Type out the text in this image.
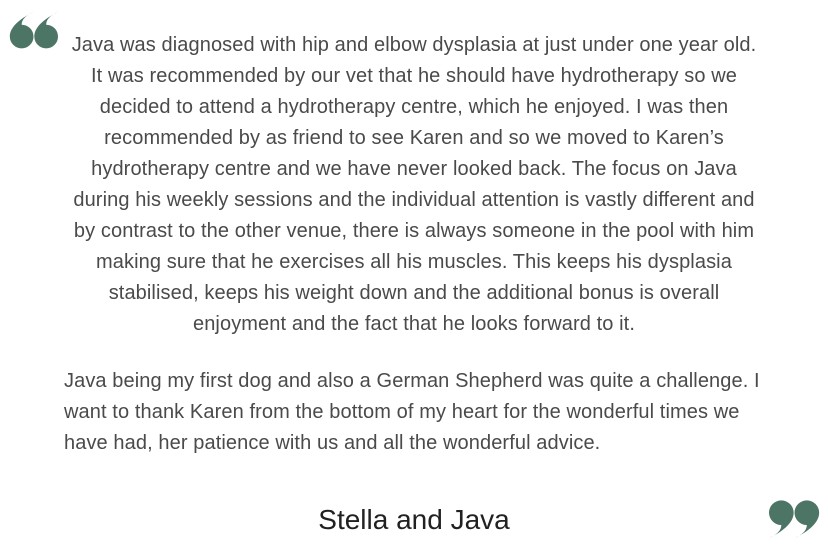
Java was diagnosed with hip and elbow dysplasia at just under one year old. It was recommended by our vet that he should have hydrotherapy so we decided to attend a hydrotherapy centre, which he enjoyed. I was then recommended by as friend to see Karen and so we moved to Karen’s hydrotherapy centre and we have never looked back. The focus on Java during his weekly sessions and the individual attention is vastly different and by contrast to the other venue, there is always someone in the pool with him making sure that he exercises all his muscles. This keeps his dysplasia stabilised, keeps his weight down and the additional bonus is overall enjoyment and the fact that he looks forward to it.

Java being my first dog and also a German Shepherd was quite a challenge. I want to thank Karen from the bottom of my heart for the wonderful times we have had, her patience with us and all the wonderful advice.

Stella and Java
